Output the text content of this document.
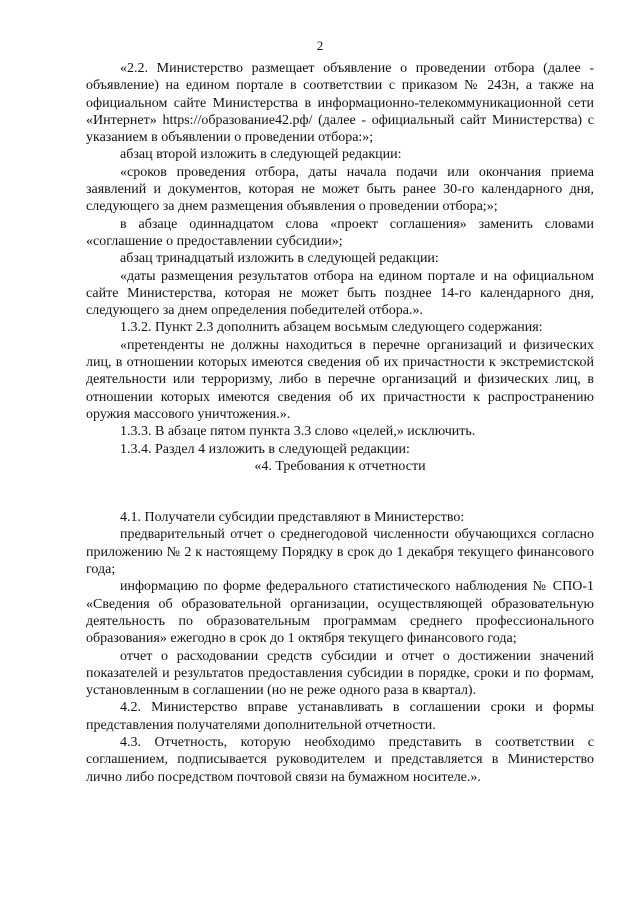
2

«2.2. Министерство размещает объявление о проведении отбора (далее - объявление) на едином портале в соответствии с приказом № 243н, а также на официальном сайте Министерства в информационно-телекоммуникационной сети «Интернет» https://образование42.рф/ (далее - официальный сайт Министерства) с указанием в объявлении о проведении отбора:»;

абзац второй изложить в следующей редакции:

«сроков проведения отбора, даты начала подачи или окончания приема заявлений и документов, которая не может быть ранее 30-го календарного дня, следующего за днем размещения объявления о проведении отбора;»;

в абзаце одиннадцатом слова «проект соглашения» заменить словами «соглашение о предоставлении субсидии»;

абзац тринадцатый изложить в следующей редакции:

«даты размещения результатов отбора на едином портале и на официальном сайте Министерства, которая не может быть позднее 14-го календарного дня, следующего за днем определения победителей отбора.».

1.3.2. Пункт 2.3 дополнить абзацем восьмым следующего содержания:

«претенденты не должны находиться в перечне организаций и физических лиц, в отношении которых имеются сведения об их причастности к экстремистской деятельности или терроризму, либо в перечне организаций и физических лиц, в отношении которых имеются сведения об их причастности к распространению оружия массового уничтожения.».

1.3.3. В абзаце пятом пункта 3.3 слово «целей,» исключить.

1.3.4. Раздел 4 изложить в следующей редакции:

«4. Требования к отчетности

4.1. Получатели субсидии представляют в Министерство:

предварительный отчет о среднегодовой численности обучающихся согласно приложению № 2 к настоящему Порядку в срок до 1 декабря текущего финансового года;

информацию по форме федерального статистического наблюдения № СПО-1 «Сведения об образовательной организации, осуществляющей образовательную деятельность по образовательным программам среднего профессионального образования» ежегодно в срок до 1 октября текущего финансового года;

отчет о расходовании средств субсидии и отчет о достижении значений показателей и результатов предоставления субсидии в порядке, сроки и по формам, установленным в соглашении (но не реже одного раза в квартал).

4.2. Министерство вправе устанавливать в соглашении сроки и формы представления получателями дополнительной отчетности.

4.3. Отчетность, которую необходимо представить в соответствии с соглашением, подписывается руководителем и представляется в Министерство лично либо посредством почтовой связи на бумажном носителе.».
